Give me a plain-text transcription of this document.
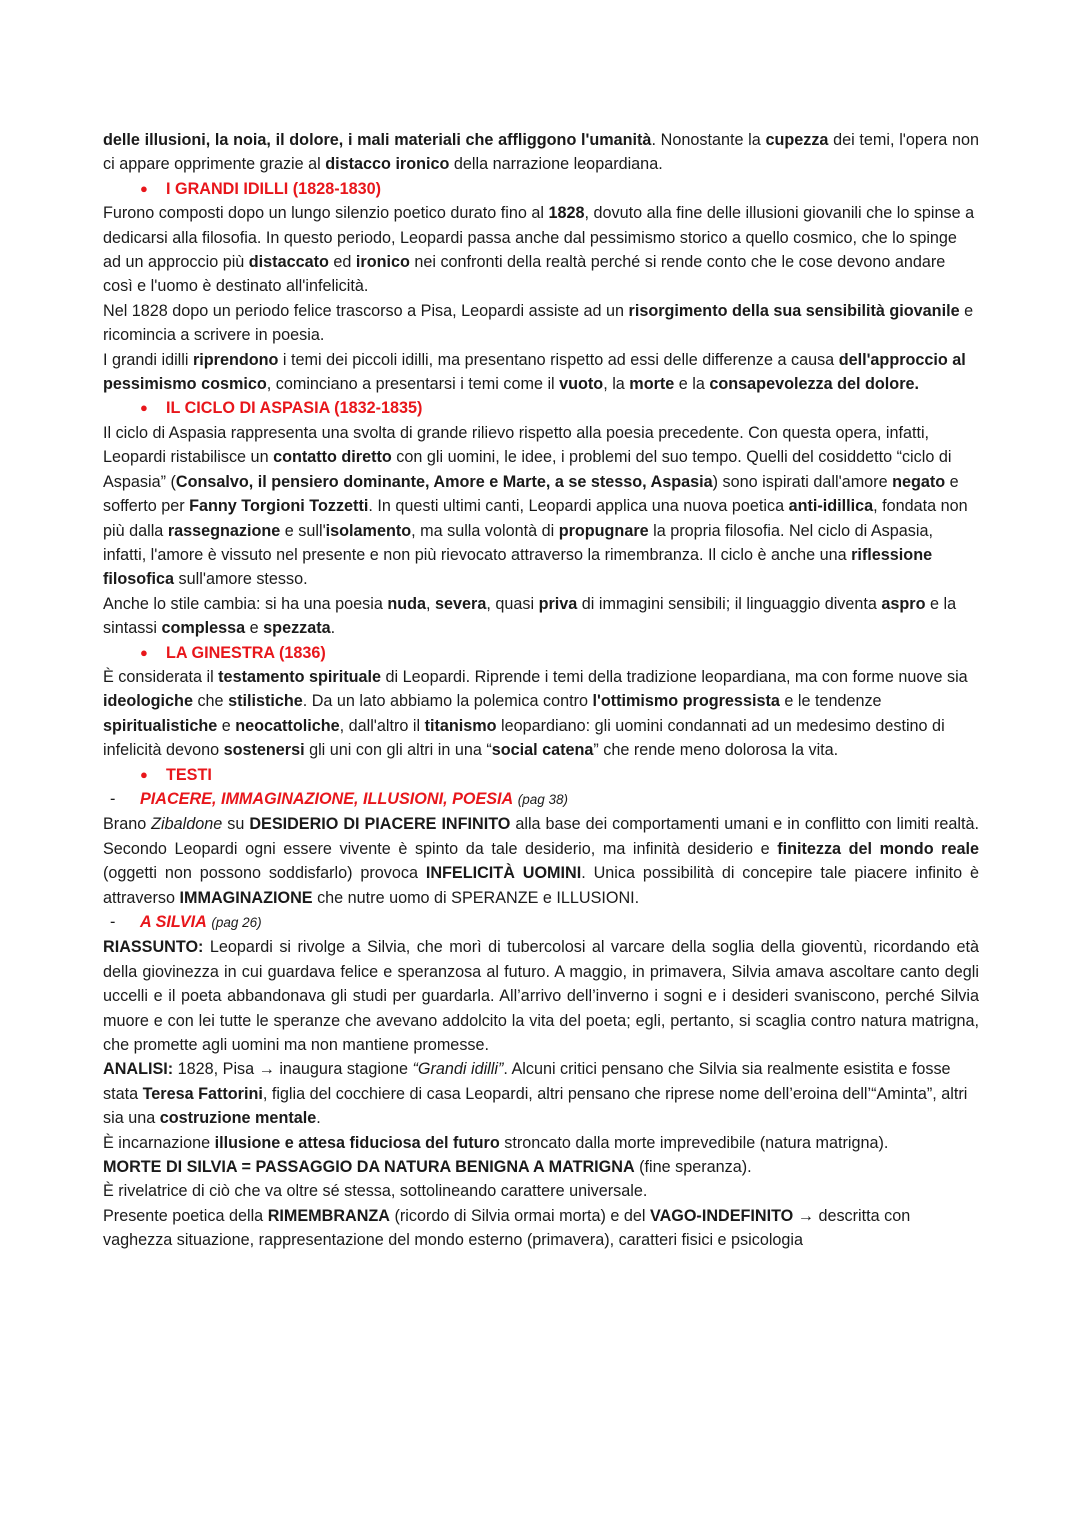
delle illusioni, la noia, il dolore, i mali materiali che affliggono l'umanità. Nonostante la cupezza dei temi, l'opera non ci appare opprimente grazie al distacco ironico della narrazione leopardiana.

● I GRANDI IDILLI (1828-1830)

Furono composti dopo un lungo silenzio poetico durato fino al 1828, dovuto alla fine delle illusioni giovanili che lo spinse a dedicarsi alla filosofia. In questo periodo, Leopardi passa anche dal pessimismo storico a quello cosmico, che lo spinge ad un approccio più distaccato ed ironico nei confronti della realtà perché si rende conto che le cose devono andare così e l'uomo è destinato all'infelicità.

Nel 1828 dopo un periodo felice trascorso a Pisa, Leopardi assiste ad un risorgimento della sua sensibilità giovanile e ricomincia a scrivere in poesia.

I grandi idilli riprendono i temi dei piccoli idilli, ma presentano rispetto ad essi delle differenze a causa dell'approccio al pessimismo cosmico, cominciano a presentarsi i temi come il vuoto, la morte e la consapevolezza del dolore.

● IL CICLO DI ASPASIA (1832-1835)

Il ciclo di Aspasia rappresenta una svolta di grande rilievo rispetto alla poesia precedente. Con questa opera, infatti, Leopardi ristabilisce un contatto diretto con gli uomini, le idee, i problemi del suo tempo. Quelli del cosiddetto “ciclo di Aspasia” (Consalvo, il pensiero dominante, Amore e Marte, a se stesso, Aspasia) sono ispirati dall'amore negato e sofferto per Fanny Torgioni Tozzetti. In questi ultimi canti, Leopardi applica una nuova poetica anti-idillica, fondata non più dalla rassegnazione e sull'isolamento, ma sulla volontà di propugnare la propria filosofia. Nel ciclo di Aspasia, infatti, l'amore è vissuto nel presente e non più rievocato attraverso la rimembranza. Il ciclo è anche una riflessione filosofica sull'amore stesso.

Anche lo stile cambia: si ha una poesia nuda, severa, quasi priva di immagini sensibili; il linguaggio diventa aspro e la sintassi complessa e spezzata.

● LA GINESTRA (1836)

È considerata il testamento spirituale di Leopardi. Riprende i temi della tradizione leopardiana, ma con forme nuove sia ideologiche che stilistiche. Da un lato abbiamo la polemica contro l'ottimismo progressista e le tendenze spiritualistiche e neocattoliche, dall'altro il titanismo leopardiano: gli uomini condannati ad un medesimo destino di infelicità devono sostenersi gli uni con gli altri in una “social catena” che rende meno dolorosa la vita.

● TESTI

- PIACERE, IMMAGINAZIONE, ILLUSIONI, POESIA (pag 38)

Brano Zibaldone su DESIDERIO DI PIACERE INFINITO alla base dei comportamenti umani e in conflitto con limiti realtà. Secondo Leopardi ogni essere vivente è spinto da tale desiderio, ma infinità desiderio e finitezza del mondo reale (oggetti non possono soddisfarlo) provoca INFELICITÀ UOMINI. Unica possibilità di concepire tale piacere infinito è attraverso IMMAGINAZIONE che nutre uomo di SPERANZE e ILLUSIONI.

- A SILVIA (pag 26)

RIASSUNTO: Leopardi si rivolge a Silvia, che morì di tubercolosi al varcare della soglia della gioventù, ricordando età della giovinezza in cui guardava felice e speranzosa al futuro. A maggio, in primavera, Silvia amava ascoltare canto degli uccelli e il poeta abbandonava gli studi per guardarla. All’arrivo dell’inverno i sogni e i desideri svaniscono, perché Silvia muore e con lei tutte le speranze che avevano addolcito la vita del poeta; egli, pertanto, si scaglia contro natura matrigna, che promette agli uomini ma non mantiene promesse.

ANALISI: 1828, Pisa → inaugura stagione “Grandi idilli”. Alcuni critici pensano che Silvia sia realmente esistita e fosse stata Teresa Fattorini, figlia del cocchiere di casa Leopardi, altri pensano che riprese nome dell’eroina dell’“Aminta”, altri sia una costruzione mentale.

È incarnazione illusione e attesa fiduciosa del futuro stroncato dalla morte imprevedibile (natura matrigna).

MORTE DI SILVIA = PASSAGGIO DA NATURA BENIGNA A MATRIGNA (fine speranza).

È rivelatrice di ciò che va oltre sé stessa, sottolineando carattere universale.

Presente poetica della RIMEMBRANZA (ricordo di Silvia ormai morta) e del VAGO-INDEFINITO → descritta con vaghezza situazione, rappresentazione del mondo esterno (primavera), caratteri fisici e psicologia
